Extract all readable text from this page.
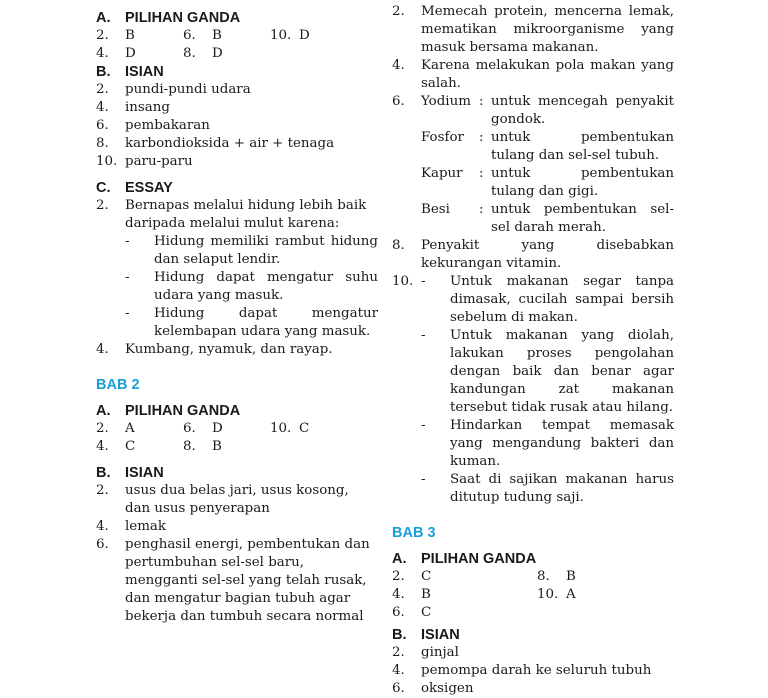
A. PILIHAN GANDA
2.	B	6.	B	10. D
4.	D	8.	D
B. ISIAN
2.	pundi-pundi udara
4.	insang
6.	pembakaran
8.	karbondioksida + air + tenaga
10. paru-paru
C. ESSAY
2.	Bernapas melalui hidung lebih baik daripada melalui mulut karena:
-	Hidung memiliki rambut hidung dan selaput lendir.
-	Hidung dapat mengatur suhu udara yang masuk.
-	Hidung dapat mengatur kelembapan udara yang masuk.
4.	Kumbang, nyamuk, dan rayap.
BAB 2
A. PILIHAN GANDA
2.	A	6.	D	10. C
4.	C	8.	B
B. ISIAN
2.	usus dua belas jari, usus kosong, dan usus penyerapan
4.	lemak
6.	penghasil energi, pembentukan dan pertumbuhan sel-sel baru, mengganti sel-sel yang telah rusak, dan mengatur bagian tubuh agar bekerja dan tumbuh secara normal
2.	Memecah protein, mencerna lemak, mematikan mikroorganisme yang masuk bersama makanan.
4.	Karena melakukan pola makan yang salah.
6.	Yodium : untuk mencegah penyakit gondok.
Fosfor	: untuk pembentukan tulang dan sel-sel tubuh.
Kapur	: untuk pembentukan tulang dan gigi.
Besi	: untuk pembentukan sel-sel darah merah.
8.	Penyakit yang disebabkan kekurangan vitamin.
10. -	Untuk makanan segar tanpa dimasak, cucilah sampai bersih sebelum di makan.
-	Untuk makanan yang diolah, lakukan proses pengolahan dengan baik dan benar agar kandungan zat makanan tersebut tidak rusak atau hilang.
-	Hindarkan tempat memasak yang mengandung bakteri dan kuman.
-	Saat di sajikan makanan harus ditutup tudung saji.
BAB 3
A. PILIHAN GANDA
2.	C	8.	B
4.	B	10. A
6.	C
B. ISIAN
2.	ginjal
4.	pemompa darah ke seluruh tubuh
6.	oksigen
